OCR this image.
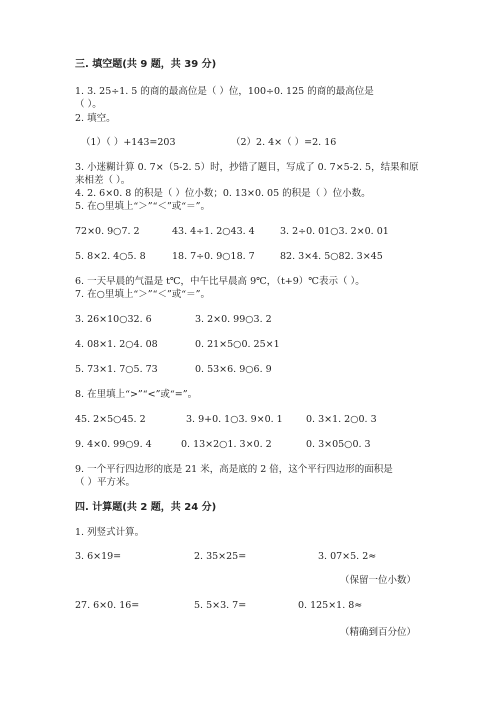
三. 填空题(共 9 题，共 39 分)
1. 3. 25÷1. 5 的商的最高位是（ ）位，100÷0. 125 的商的最高位是
（ ）。
2. 填空。
（1）（ ）+143=203	（2）2. 4×（ ）=2. 16
3. 小迷糊计算 0. 7×（5-2. 5）时，抄错了题目，写成了 0. 7×5-2. 5，结果和原
来相差（ ）。
4. 2. 6×0. 8 的积是（ ）位小数；0. 13×0. 05 的积是（ ）位小数。
5. 在○里填上“＞”“＜”或“＝”。
72×0. 9○7. 2	43. 4÷1. 2○43. 4	3. 2÷0. 01○3. 2×0. 01
5. 8×2. 4○5. 8	18. 7÷0. 9○18. 7	82. 3×4. 5○82. 3×45
6. 一天早晨的气温是 t℃，中午比早晨高 9℃，（t+9）℃表示（ ）。
7. 在○里填上“＞”“＜”或“＝”。
3. 26×10○32. 6	3. 2×0. 99○3. 2
4. 08×1. 2○4. 08	0. 21×5○0. 25×1
5. 73×1. 7○5. 73	0. 53×6. 9○6. 9
8. 在里填上“>”“<”或“=”。
45. 2×5○45. 2	3. 9+0. 1○3. 9×0. 1 0. 3×1. 2○0. 3
9. 4×0. 99○9. 4	0. 13×2○1. 3×0. 2	0. 3×05○0. 3
9. 一个平行四边形的底是 21 米，高是底的 2 倍，这个平行四边形的面积是
（ ）平方米。
四. 计算题(共 2 题，共 24 分)
1. 列竖式计算。
3. 6×19=	2. 35×25=	3. 07×5. 2≈
（保留一位小数）
27. 6×0. 16=	5. 5×3. 7=	0. 125×1. 8≈
（精确到百分位）
